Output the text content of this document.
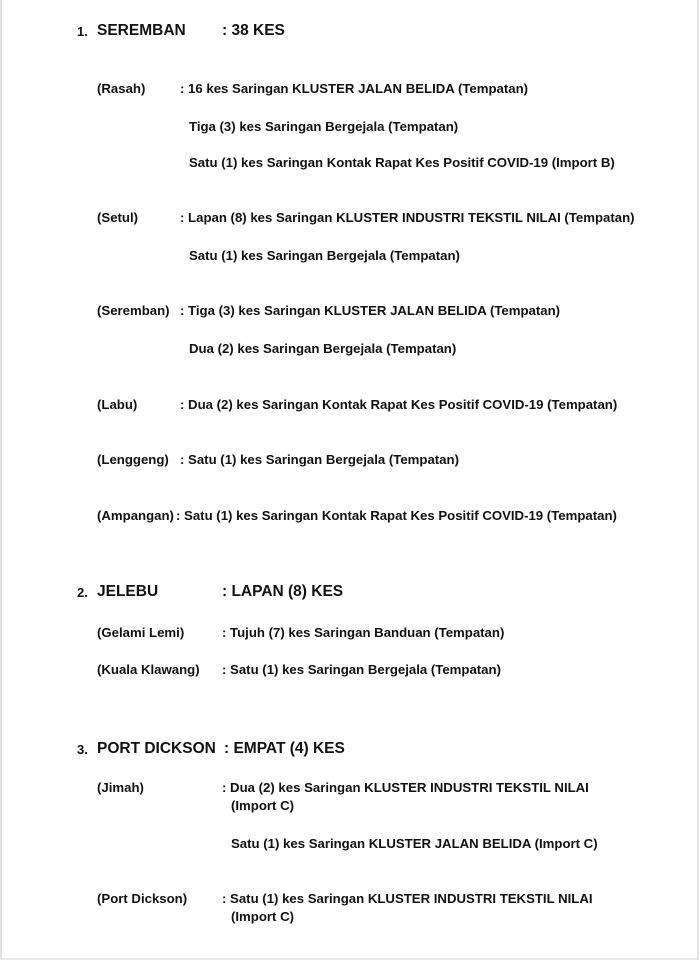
1. SEREMBAN : 38 KES
(Rasah)	: 16 kes Saringan KLUSTER JALAN BELIDA (Tempatan)
Tiga (3) kes Saringan Bergejala (Tempatan)
Satu (1) kes Saringan Kontak Rapat Kes Positif COVID-19 (Import B)
(Setul)	: Lapan (8) kes Saringan KLUSTER INDUSTRI TEKSTIL NILAI (Tempatan)
Satu (1) kes Saringan Bergejala (Tempatan)
(Seremban) : Tiga (3) kes Saringan KLUSTER JALAN BELIDA (Tempatan)
Dua (2) kes Saringan Bergejala (Tempatan)
(Labu)	: Dua (2) kes Saringan Kontak Rapat Kes Positif COVID-19 (Tempatan)
(Lenggeng) : Satu (1) kes Saringan Bergejala (Tempatan)
(Ampangan) : Satu (1) kes Saringan Kontak Rapat Kes Positif COVID-19 (Tempatan)
2. JELEBU	: LAPAN (8) KES
(Gelami Lemi)	: Tujuh (7) kes Saringan Banduan (Tempatan)
(Kuala Klawang) : Satu (1) kes Saringan Bergejala (Tempatan)
3. PORT DICKSON : EMPAT (4) KES
(Jimah)	: Dua (2) kes Saringan KLUSTER INDUSTRI TEKSTIL NILAI
(Import C)
Satu (1) kes Saringan KLUSTER JALAN BELIDA (Import C)
(Port Dickson)	: Satu (1) kes Saringan KLUSTER INDUSTRI TEKSTIL NILAI
(Import C)
